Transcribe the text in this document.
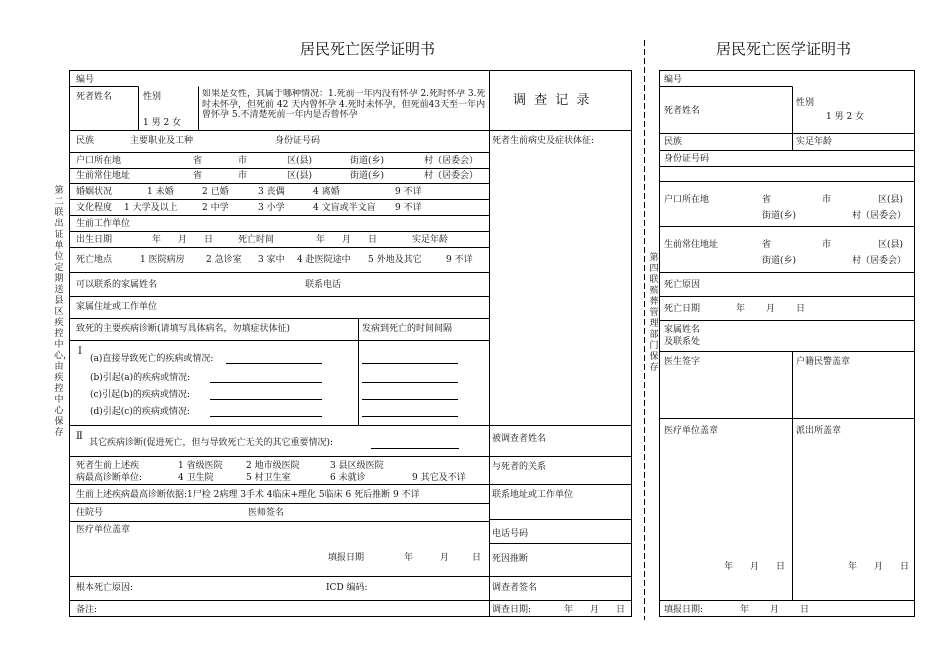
居民死亡医学证明书
调 查 记 录
第二联 出证单位定期送县区疾控中心，由疾控中心保存
编号
死者姓名	性别
1 男 2 女
如果是女性，其属于哪种情况：1.死前一年内没有怀孕 2.死时怀孕 3.死时未怀孕，但死前 42 天内曾怀孕 4.死时未怀孕，但死前43天至一年内曾怀孕 5.不清楚死前一年内是否曾怀孕
民族	主要职业及工种	身份证号码
户口所在地	省	市	区(县)	街道(乡)	村（居委会）
生前常住地址	省	市	区(县)	街道(乡)	村（居委会）
婚姻状况	1 未婚	2 已婚	3 丧偶	4 离婚	9 不详
文化程度 1 大学及以上	2 中学	3 小学	4 文盲或半文盲 9 不详
生前工作单位
出生日期	年 月 日	死亡时间	年 月 日	实足年龄
死亡地点	1 医院病房 2 急诊室 3 家中 4 赴医院途中 5 外地及其它	9 不详
可以联系的家属姓名	联系电话
家属住址或工作单位
致死的主要疾病诊断(请填写具体病名，勿填症状体征)	发病到死亡的时间间隔
Ⅰ
(a)直接导致死亡的疾病或情况:
(b)引起(a)的疾病或情况:
(c)引起(b)的疾病或情况:
(d)引起(c)的疾病或情况:
Ⅱ
其它疾病诊断(促进死亡，但与导致死亡无关的其它重要情况):
死者生前上述疾
病最高诊断单位:
1 省级医院	2 地市级医院	3 县区级医院
4 卫生院	5 村卫生室	6 未就诊	9 其它及不详
生前上述疾病最高诊断依据:1尸检 2病理 3手术 4临床+理化 5临床 6 死后推断 9 不详
住院号	医师签名
医疗单位盖章
填报日期	年	月	日
根本死亡原因:	ICD 编码:
备注:
死者生前病史及症状体征:
被调查者姓名
与死者的关系
联系地址或工作单位
电话号码
死因推断
调查者签名
调查日期:	年 月 日
居民死亡医学证明书
第四联 殡葬管理部门保存
编号
死者姓名
性别
1 男 2 女
民族	实足年龄
身份证号码
户口所在地	省	市	区(县)
街道(乡)	村（居委会）
生前常住地址	省	市	区(县)
街道(乡)	村（居委会）
死亡原因
死亡日期	年 月 日
家属姓名
及联系处
医生签字	户籍民警盖章
医疗单位盖章	派出所盖章
年 月 日	年 月 日
填报日期:	年 月 日
